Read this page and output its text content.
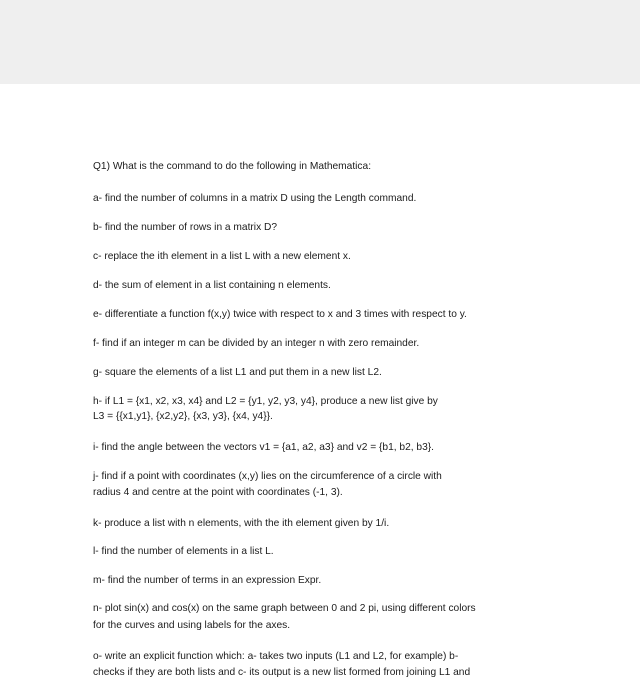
Q1) What is the command to do the following in Mathematica:
a- find the number of columns in a matrix D using the Length command.
b- find the number of rows in a matrix D?
c- replace the ith element in a list L with a new element x.
d- the sum of element in a list containing n elements.
e- differentiate a function f(x,y) twice with respect to x and 3 times with respect to y.
f- find if an integer m can be divided by an integer n with zero remainder.
g- square the elements of a list L1 and put them in a new list L2.
h- if L1 = {x1, x2, x3, x4} and L2 = {y1, y2, y3, y4}, produce a new list give by
L3 = {{x1,y1}, {x2,y2}, {x3, y3}, {x4, y4}}.
i- find the angle between the vectors v1 = {a1, a2, a3} and v2 = {b1, b2, b3}.
j- find if a point with coordinates (x,y) lies on the circumference of a circle with
radius 4 and centre at the point with coordinates (-1, 3).
k- produce a list with n elements, with the ith element given by 1/i.
l- find the number of elements in a list L.
m- find the number of terms in an expression Expr.
n- plot sin(x) and cos(x) on the same graph between 0 and 2 pi, using different colors
for the curves and using labels for the axes.
o- write an explicit function which: a- takes two inputs (L1 and L2, for example) b-
checks if they are both lists and c- its output is a new list formed from joining L1 and
